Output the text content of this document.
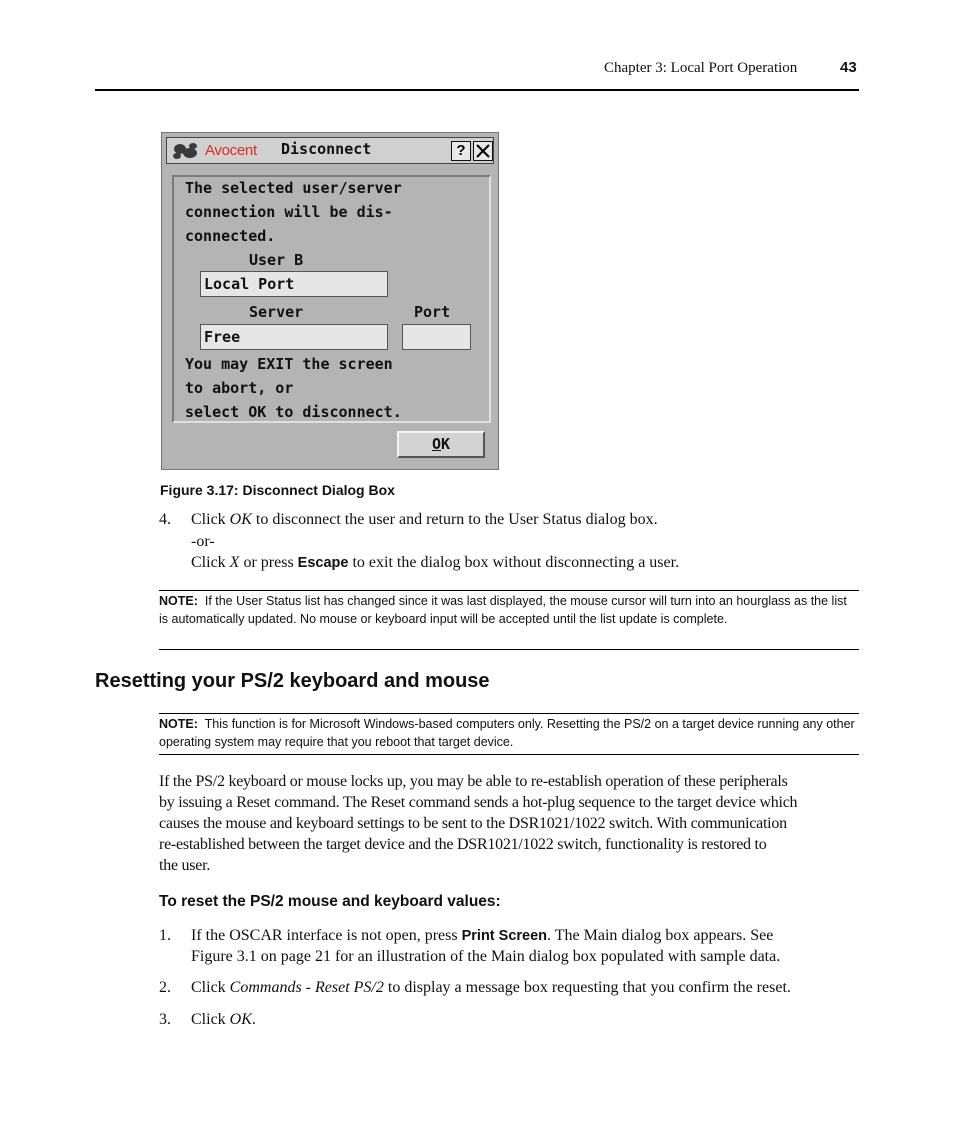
Chapter 3: Local Port Operation	43
Avocent Disconnect	?
The selected user/server
connection will be dis-
connected.
User B
Local Port
Server	Port
Free
You may EXIT the screen
to abort, or
select OK to disconnect.
OK
Figure 3.17: Disconnect Dialog Box
4.	Click OK to disconnect the user and return to the User Status dialog box.
-or-
Click X or press Escape to exit the dialog box without disconnecting a user.
NOTE: If the User Status list has changed since it was last displayed, the mouse cursor will turn into an hourglass as the list is automatically updated. No mouse or keyboard input will be accepted until the list update is complete.
Resetting your PS/2 keyboard and mouse
NOTE: This function is for Microsoft Windows-based computers only. Resetting the PS/2 on a target device running any other operating system may require that you reboot that target device.
If the PS/2 keyboard or mouse locks up, you may be able to re-establish operation of these peripherals
by issuing a Reset command. The Reset command sends a hot-plug sequence to the target device which
causes the mouse and keyboard settings to be sent to the DSR1021/1022 switch. With communication
re-established between the target device and the DSR1021/1022 switch, functionality is restored to
the user.
To reset the PS/2 mouse and keyboard values:
1.	If the OSCAR interface is not open, press Print Screen. The Main dialog box appears. See
Figure 3.1 on page 21 for an illustration of the Main dialog box populated with sample data.
2.	Click Commands - Reset PS/2 to display a message box requesting that you confirm the reset.
3.	Click OK.
